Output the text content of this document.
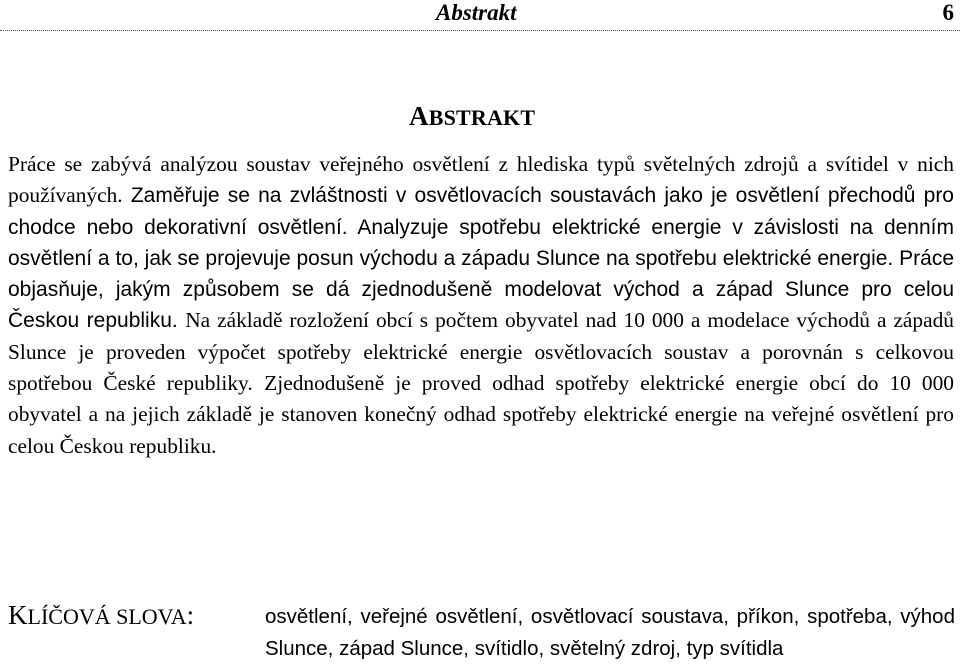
Abstrakt	6
ABSTRAKT

Práce se zabývá analýzou soustav veřejného osvětlení z hlediska typů světelných zdrojů a svítidel v nich používaných. Zaměřuje se na zvláštnosti v osvětlovacích soustavách jako je osvětlení přechodů pro chodce nebo dekorativní osvětlení. Analyzuje spotřebu elektrické energie v závislosti na denním osvětlení a to, jak se projevuje posun východu a západu Slunce na spotřebu elektrické energie. Práce objasňuje, jakým způsobem se dá zjednodušeně modelovat východ a západ Slunce pro celou Českou republiku. Na základě rozložení obcí s počtem obyvatel nad 10 000 a modelace východů a západů Slunce je proveden výpočet spotřeby elektrické energie osvětlovacích soustav a porovnán s celkovou spotřebou České republiky. Zjednodušeně je proved odhad spotřeby elektrické energie obcí do 10 000 obyvatel a na jejich základě je stanoven konečný odhad spotřeby elektrické energie na veřejné osvětlení pro celou Českou republiku.

KLÍČOVÁ SLOVA:	osvětlení, veřejné osvětlení, osvětlovací soustava, příkon, spotřeba, výhod Slunce, západ Slunce, svítidlo, světelný zdroj, typ svítidla
